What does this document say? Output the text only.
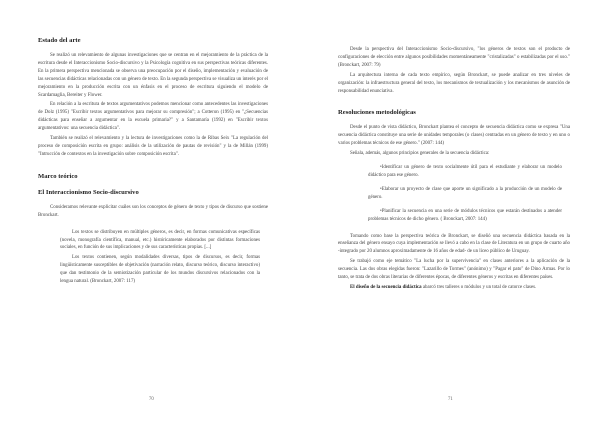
Estado del arte

Se realizó un relevamiento de algunas investigaciones que se centran en el mejoramiento de la práctica de la escritura desde el Interaccionismo Socio-discursivo y la Psicología cognitiva en sus perspectivas teóricas diferentes. En la primera perspectiva mencionada se observa una preocupación por el diseño, implementación y evaluación de las secuencias didácticas relacionadas con un género de texto. En la segunda perspectiva se visualiza un interés por el mejoramiento en la producción escrita con un énfasis en el proceso de escritura siguiendo el modelo de Scardamaglia, Bereiter y Flower.

En relación a la escritura de textos argumentativos podemos mencionar como antecedentes las investigaciones de Dolz (1995) "Escribir textos argumentativos para mejorar su compresión"; a Cotteron (1995) en "¿Secuencias didácticas para enseñar a argumentar en la escuela primaria?" y a Santamaría (1992) en "Escribir textos argumentativos: una secuencia didáctica".

También se realizó el relevamiento y la lectura de investigaciones como la de Ribas Seix "La regulación del proceso de composición escrita en grupo: análisis de la utilización de pautas de revisión" y la de Millán (1999) "Intrucción de contextos en la investigación sobre composición escrita".

Marco teórico
El Interaccionismo Socio-discursivo

Consideramos relevante explicitar cuáles son los conceptos de género de texto y tipos de discurso que sostiene Bronckart.

Los textos se distribuyen en múltiples géneros, es decir, en formas comunicativas específicas (novela, monografía científica, manual, etc.) históricamente elaborados por distintas formaciones sociales, en función de sus implicaciones y de sus características propias. [...]

Los textos contienen, según modalidades diversas, tipos de discursos, es decir, formas lingüísticamente susceptibles de objetivación (narración relato, discurso teórico, discurso interactivo) que dan testimonio de la semiotización particular de los mundos discursivos relacionados con la lengua natural. (Bronckart, 2007: 117)

70

Desde la perspectiva del Interaccionismo Socio-discursivo, "los géneros de textos son el producto de configuraciones de elección entre algunos posibilidades momentáneamente "cristalizadas" o estabilizadas por el uso." (Bronckart, 2007: 79)

La arquitectura interna de cada texto empírico, según Bronckart, se puede analizar en tres niveles de organización: la infraestructura general del texto, los mecanismos de textualización y los mecanismos de asunción de responsabilidad enunciativa.

Resoluciones metodológicas

Desde el punto de vista didáctico, Bronckart plantea el concepto de secuencia didáctica como se expresa "Una secuencia didáctica constituye una serie de unidades temporales (o clases) centradas en un género de texto y en uno o varios problemas técnicos de ese género." (2007: 144)

Señala, además, algunos principios generales de la secuencia didáctica:

•Identificar un género de texto socialmente útil para el estudiante y elaborar un modelo didáctico para ese género.

•Elaborar un proyecto de clase que aporte un significado a la producción de un modelo de género.

•Planificar la secuencia en una serie de módulos técnicos que estarán destinados a atender problemas técnicos de dicho género. ( Bronckart, 2007: 144)

Tomando como base la perspectiva teórica de Bronckart, se diseñó una secuencia didáctica basada en la enseñanza del género ensayo cuya implementación se llevó a cabo en la clase de Literatura en un grupo de cuarto año -integrado por 20 alumnos aproximadamente de 16 años de edad- de un liceo público de Uruguay.

Se trabajó como eje temático "La lucha por la supervivencia" en clases anteriores a la aplicación de la secuencia. Las dos obras elegidas fueron: "Lazarillo de Tormes" (anónimo) y "Pagar el pato" de Dino Armas. Por lo tanto, se trata de dos obras literarias de diferentes épocas, de diferentes géneros y escritas en diferentes países.

El diseño de la secuencia didáctica abarcó tres talleres o módulos y un total de catorce clases.

71
